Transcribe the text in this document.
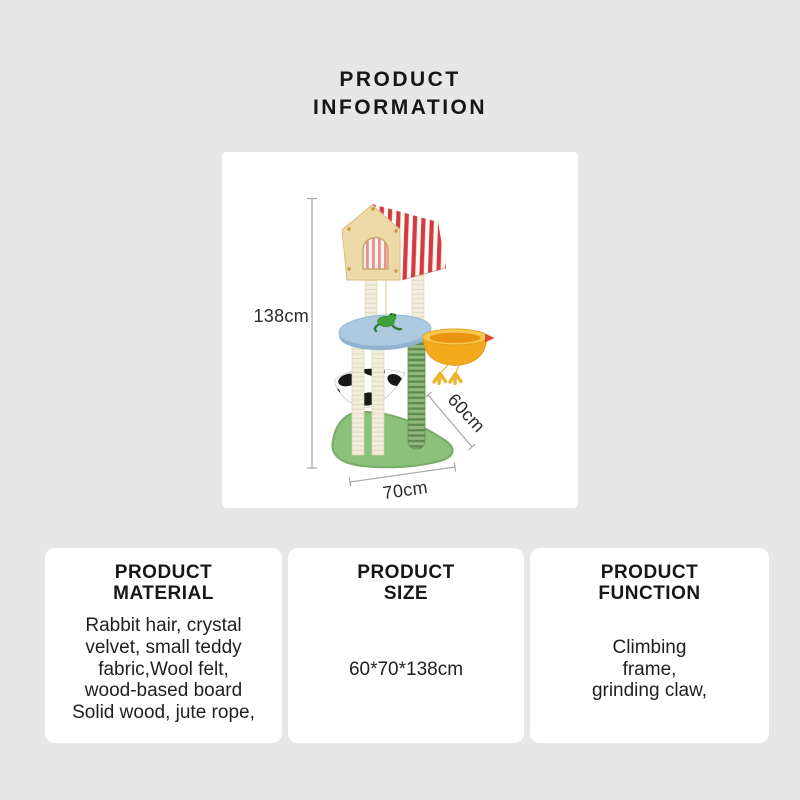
PRODUCT
INFORMATION
138cm
60cm
70cm
PRODUCT
MATERIAL
Rabbit hair, crystal
velvet, small teddy
fabric,Wool felt,
wood-based board
Solid wood, jute rope,
PRODUCT
SIZE
60*70*138cm
PRODUCT
FUNCTION
Climbing
frame,
grinding claw,
